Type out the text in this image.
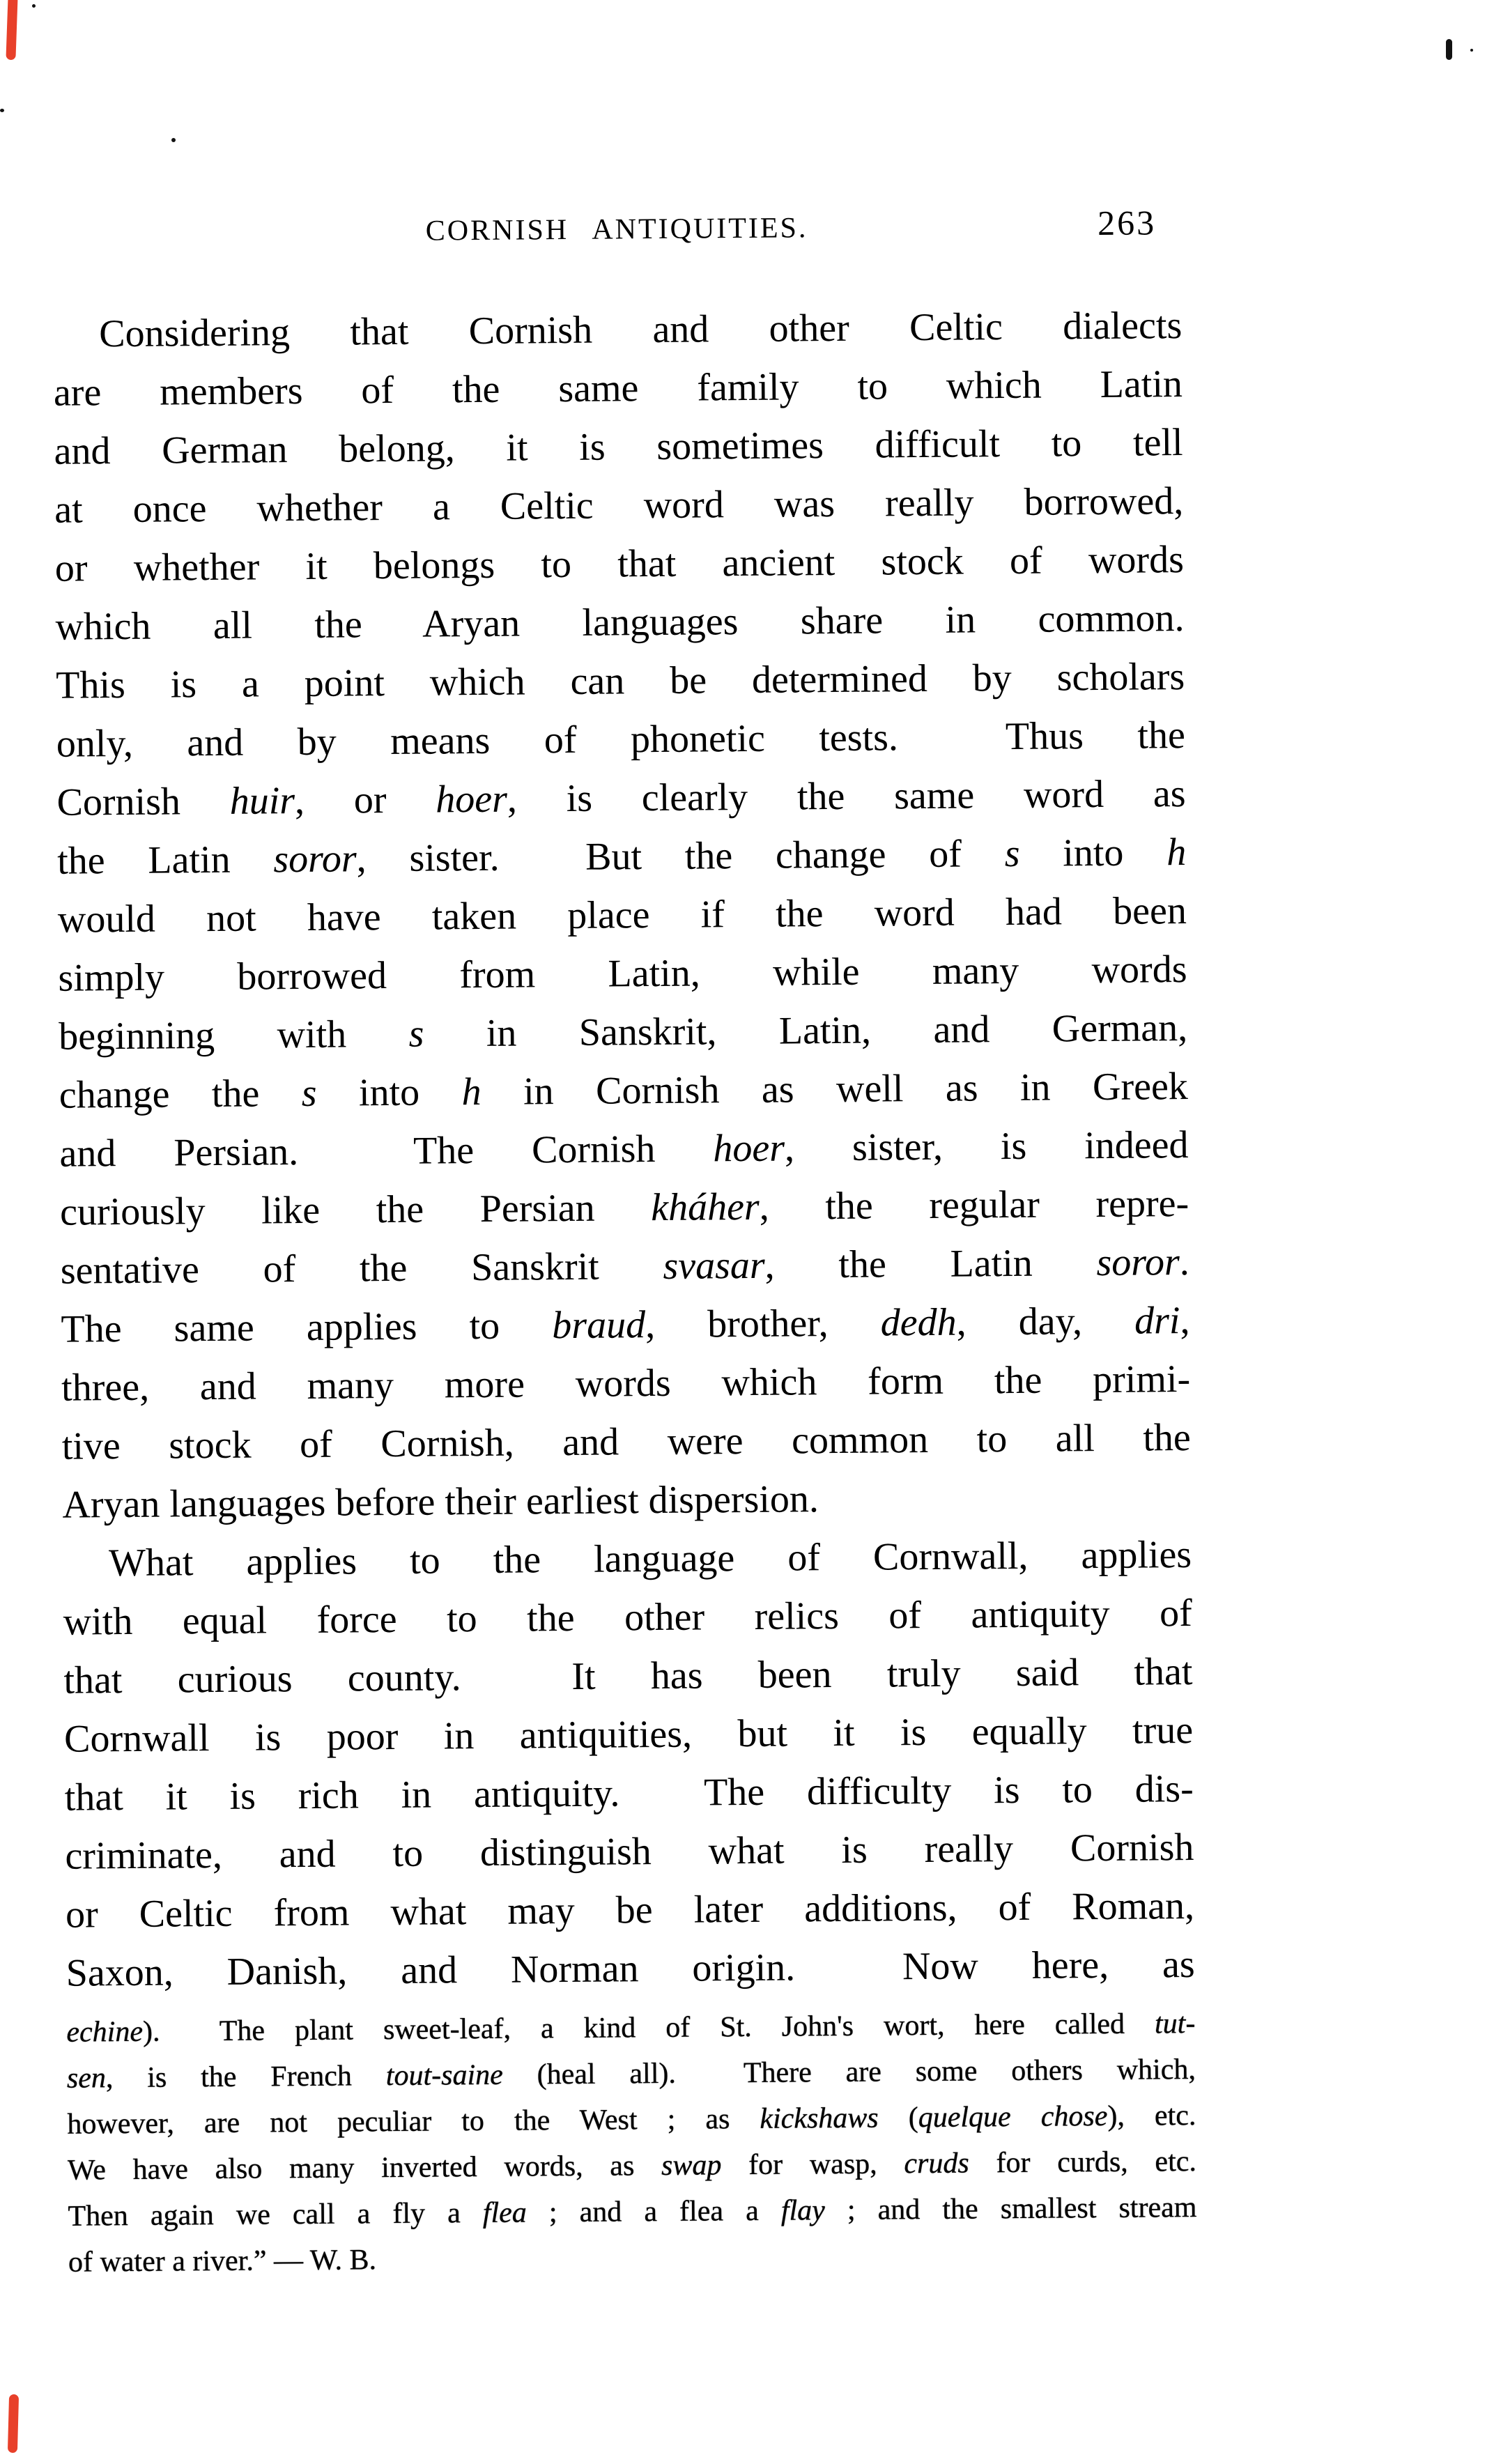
CORNISH ANTIQUITIES.	263
Considering that Cornish and other Celtic dialects
are members of the same family to which Latin
and German belong, it is sometimes difficult to tell
at once whether a Celtic word was really borrowed,
or whether it belongs to that ancient stock of words
which all the Aryan languages share in common.
This is a point which can be determined by scholars
only, and by means of phonetic tests.  Thus the
Cornish huir, or hoer, is clearly the same word as
the Latin soror, sister.  But the change of s into h
would not have taken place if the word had been
simply borrowed from Latin, while many words
beginning with s in Sanskrit, Latin, and German,
change the s into h in Cornish as well as in Greek
and Persian.  The Cornish hoer, sister, is indeed
curiously like the Persian kháher, the regular repre-
sentative of the Sanskrit svasar, the Latin soror.
The same applies to braud, brother, dedh, day, dri,
three, and many more words which form the primi-
tive stock of Cornish, and were common to all the
Aryan languages before their earliest dispersion.
What applies to the language of Cornwall, applies
with equal force to the other relics of antiquity of
that curious county.  It has been truly said that
Cornwall is poor in antiquities, but it is equally true
that it is rich in antiquity.  The difficulty is to dis-
criminate, and to distinguish what is really Cornish
or Celtic from what may be later additions, of Roman,
Saxon, Danish, and Norman origin.  Now here, as
echine).  The plant sweet-leaf, a kind of St. John's wort, here called tut-
sen, is the French tout-saine (heal all).  There are some others which,
however, are not peculiar to the West ; as kickshaws (quelque chose), etc.
We have also many inverted words, as swap for wasp, cruds for curds, etc.
Then again we call a fly a flea ; and a flea a flay ; and the smallest stream
of water a river.” — W. B.
